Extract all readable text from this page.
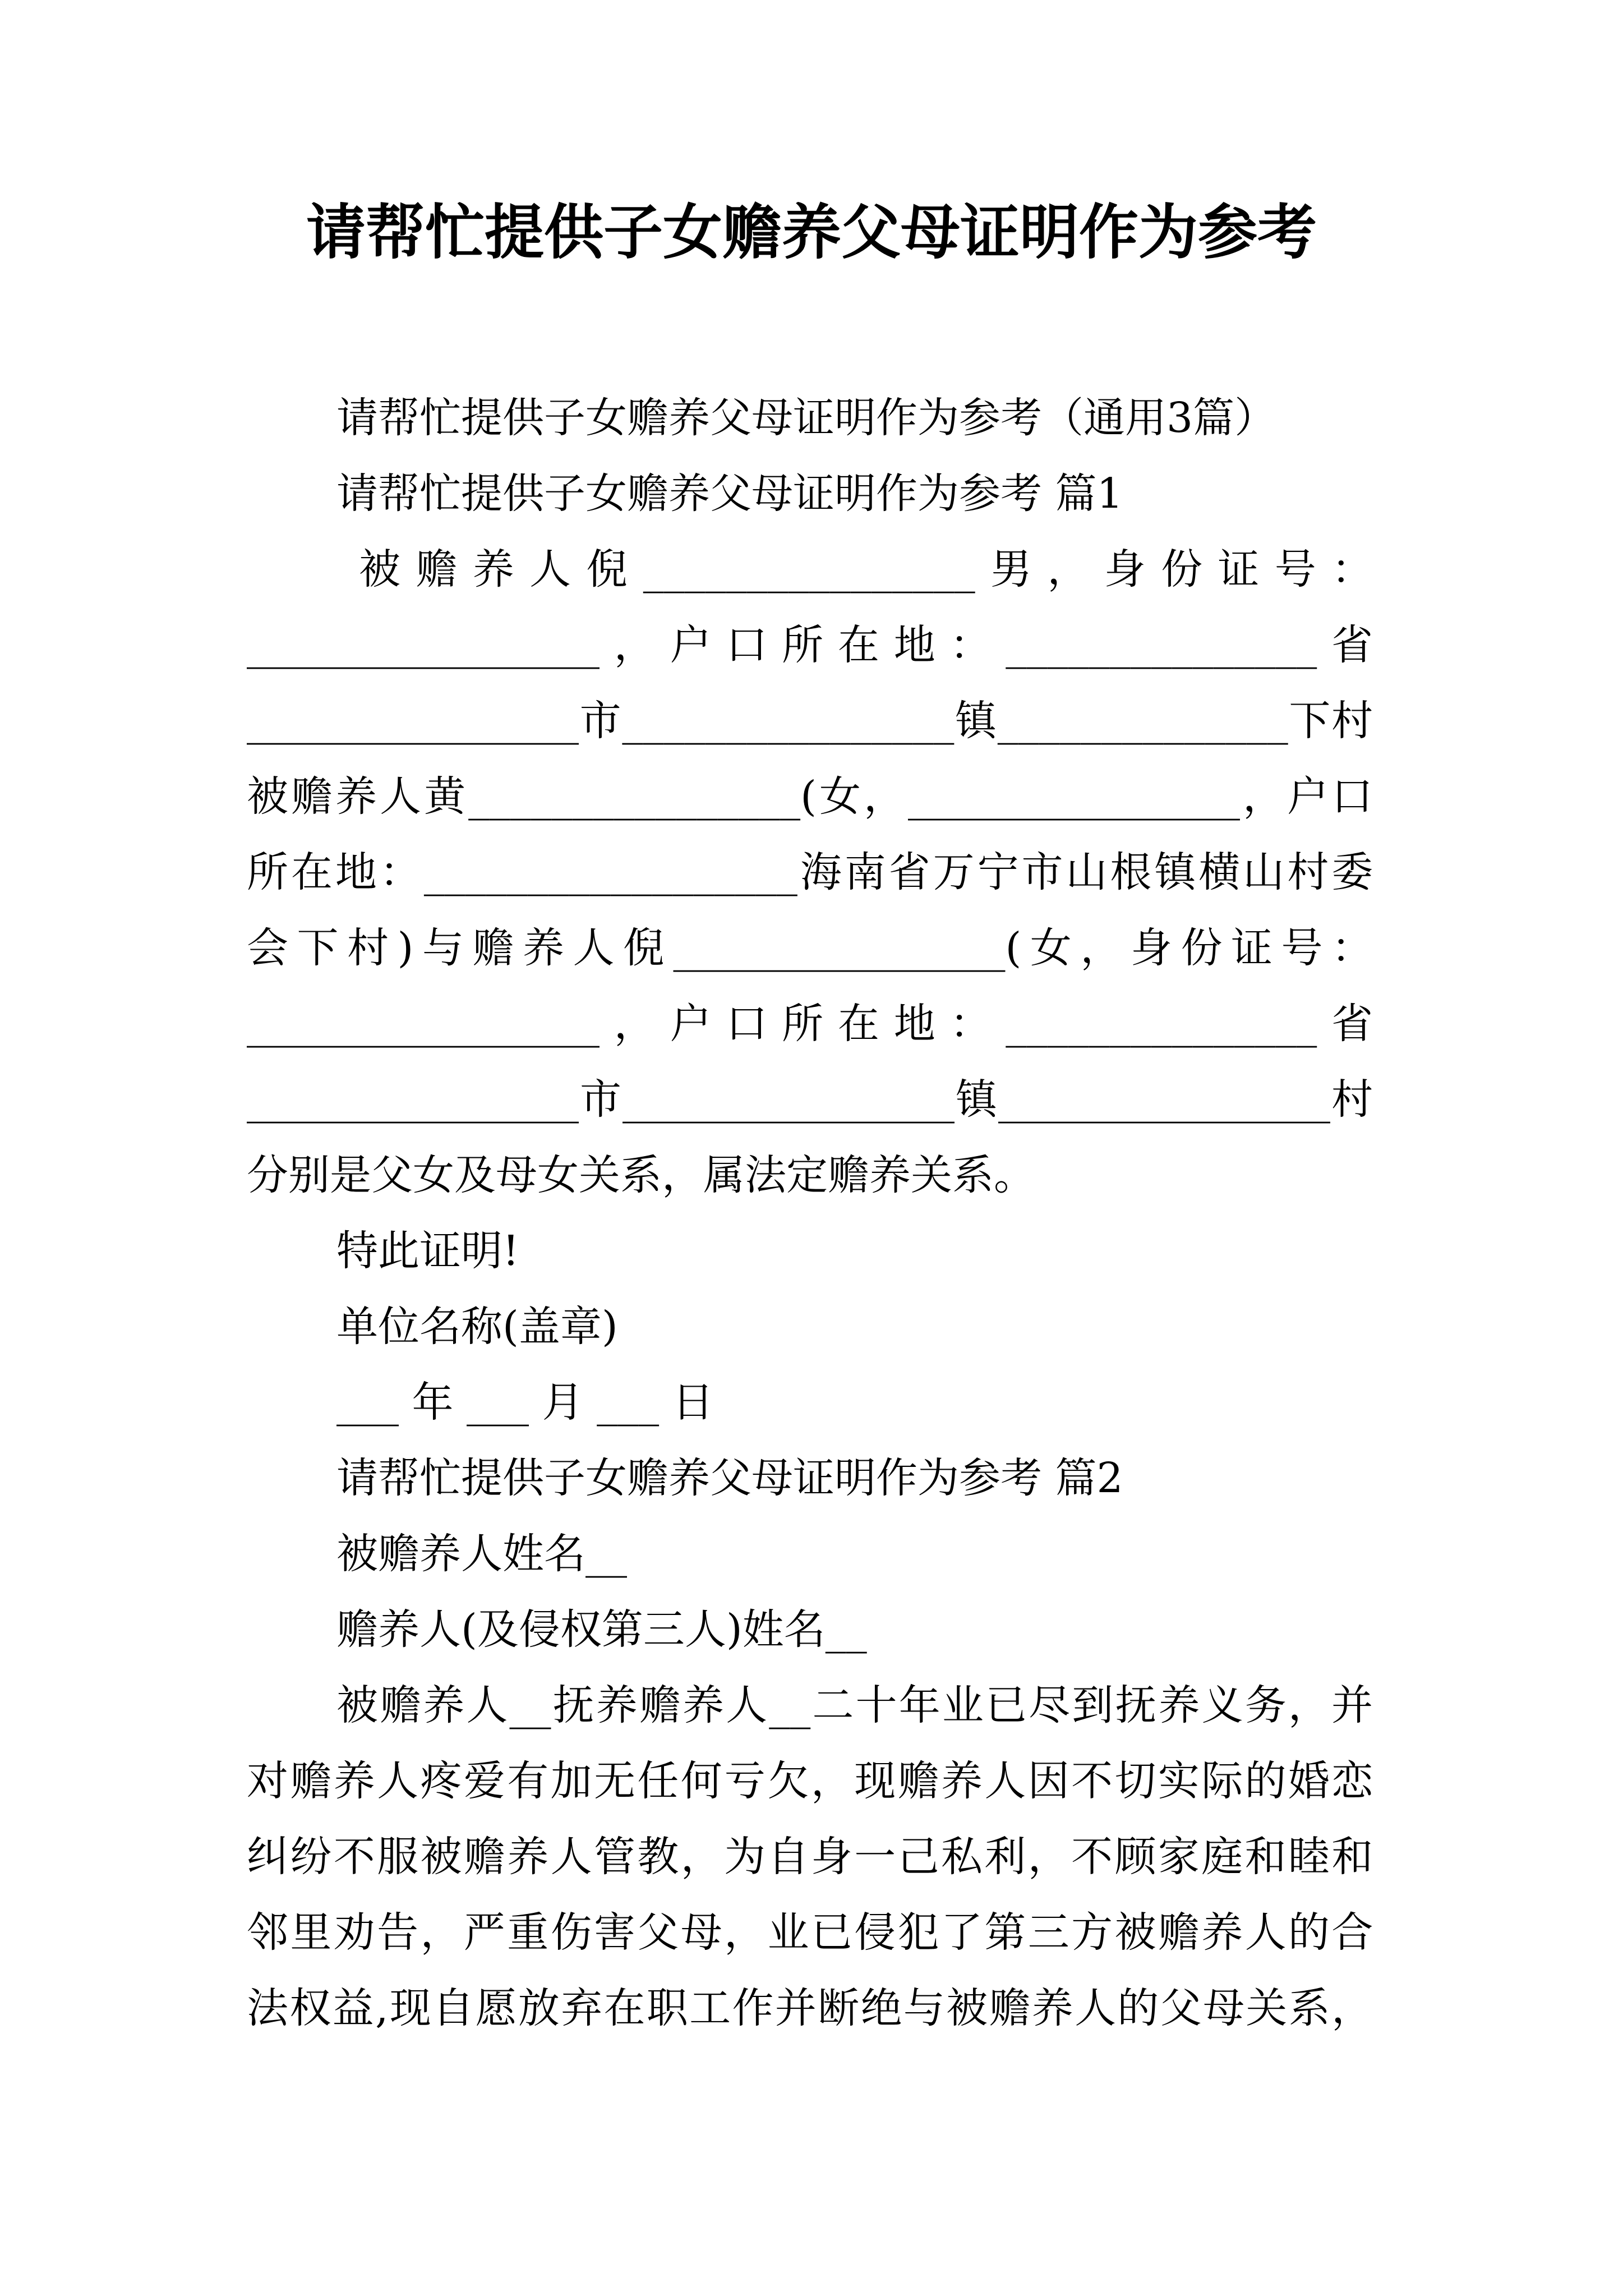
请帮忙提供子女赡养父母证明作为参考
请帮忙提供子女赡养父母证明作为参考（通用3篇）
请帮忙提供子女赡养父母证明作为参考 篇1
被赡养人倪________________男，身份证号：
_________________，户口所在地：_______________省
________________市________________镇______________下村
被赡养人黄________________(女，________________，户口
所在地：__________________海南省万宁市山根镇横山村委
会下村)与赡养人倪________________(女，身份证号：
_________________，户口所在地：_______________省
________________市________________镇________________村
分别是父女及母女关系，属法定赡养关系。
特此证明!
单位名称(盖章)
___ 年 ___ 月 ___ 日
请帮忙提供子女赡养父母证明作为参考 篇2
被赡养人姓名__
赡养人(及侵权第三人)姓名__
被赡养人__抚养赡养人__二十年业已尽到抚养义务，并
对赡养人疼爱有加无任何亏欠，现赡养人因不切实际的婚恋
纠纷不服被赡养人管教，为自身一己私利，不顾家庭和睦和
邻里劝告，严重伤害父母，业已侵犯了第三方被赡养人的合
法权益,现自愿放弃在职工作并断绝与被赡养人的父母关系，
